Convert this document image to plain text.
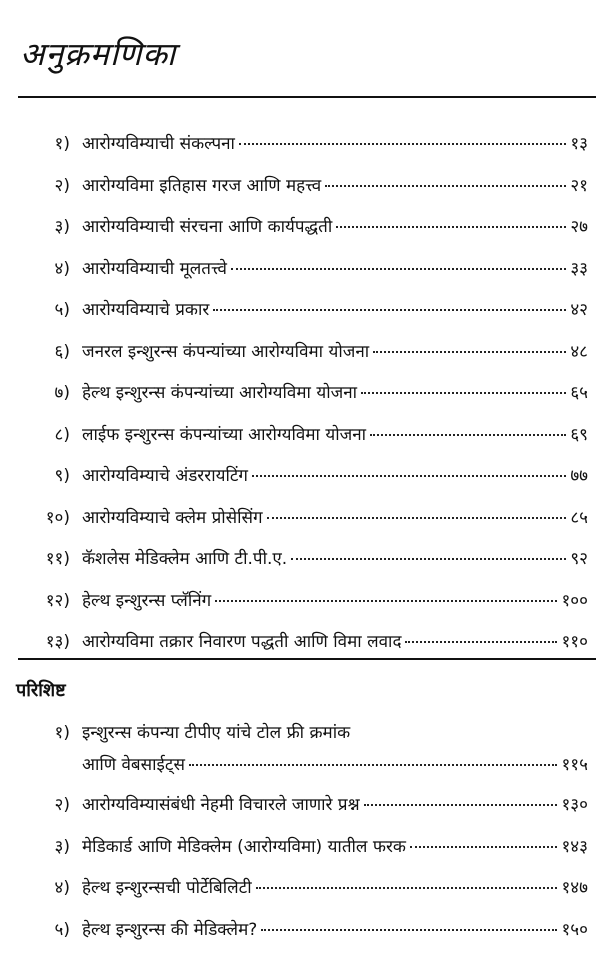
अनुक्रमणिका
१) आरोग्यविम्याची संकल्पना	१३
२) आरोग्यविमा इतिहास गरज आणि महत्त्व	२१
३) आरोग्यविम्याची संरचना आणि कार्यपद्धती	२७
४) आरोग्यविम्याची मूलतत्त्वे	३३
५) आरोग्यविम्याचे प्रकार	४२
६) जनरल इन्शुरन्स कंपन्यांच्या आरोग्यविमा योजना	४८
७) हेल्थ इन्शुरन्स कंपन्यांच्या आरोग्यविमा योजना	६५
८) लाईफ इन्शुरन्स कंपन्यांच्या आरोग्यविमा योजना	६९
९) आरोग्यविम्याचे अंडररायटिंग	७७
१०) आरोग्यविम्याचे क्लेम प्रोसेसिंग	८५
११) कॅशलेस मेडिक्लेम आणि टी.पी.ए.	९२
१२) हेल्थ इन्शुरन्स प्लॅनिंग	१००
१३) आरोग्यविमा तक्रार निवारण पद्धती आणि विमा लवाद	११०
परिशिष्ट
१) इन्शुरन्स कंपन्या टीपीए यांचे टोल फ्री क्रमांक
आणि वेबसाईट्स	११५
२) आरोग्यविम्यासंबंधी नेहमी विचारले जाणारे प्रश्न	१३०
३) मेडिकार्ड आणि मेडिक्लेम (आरोग्यविमा) यातील फरक	१४३
४) हेल्थ इन्शुरन्सची पोर्टेबिलिटी	१४७
५) हेल्थ इन्शुरन्स की मेडिक्लेम?	१५०
